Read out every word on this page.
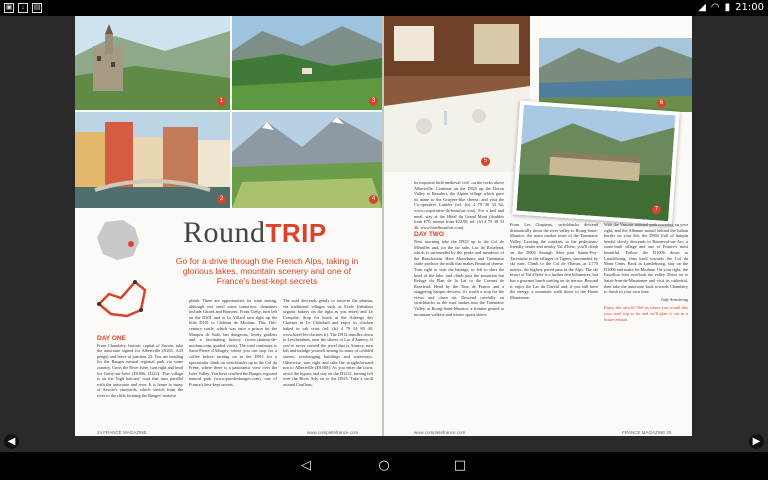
▣	↓	▤	◢ ◠ ▮ 21:00
1	3
2	4
RoundTRIP
Go for a drive through the French Alps, taking in glorious lakes, mountain scenery and one of France's best-kept secrets
DAY ONE
From Chambéry, historic capital of Savoie, take the autoroute signed for Albertville (N201, A43 péage) and leave at junction 23. You are heading for the Bauges natural regional park via some country. Cross the River Isère, turn right and head for Grésy-sur-Isère (D1006, D222). This village is on the 'high balcony' road that runs parallel with the autoroute and river. It is home to many of Savoie's vineyards, which stretch from the river to the cliffs forming the Bauges' massive
plinth. There are opportunities for wine tasting, although you need some tomorrow: domaines include Girard and Bouvent. From Grésy, turn left on the D201 and at Le Villard turn right up the little D101 to Château de Miolans. This 11th-century castle, which was once a prison for the Marquis de Sade, has dungeons, lovely gardens and a fascinating history (www.chateau-de-miolans.com, guided visits). The road continues to Saint-Pierre d'Albigny, where you can stop for a coffee before turning on to the D911 for a spectacular climb on switchbacks up to the Col du Frêne, where there is a panoramic view over the Isère Valley. You have reached the Bauges regional natural park (www.parcdesbauges.com), one of France's best-kept secrets.
The road descends gently to traverse the plateau, via traditional villages such as Ecole (fabulous organic bakery on the right as you enter) and Le Compôte. Stop for lunch at the Auberge des Clarines in Le Châtelard and enjoy its chicken baked in salt crust (tel: (fr) 4 79 54 80 40, www.hotel-les-clarines.fr). The D912 trundles down to Lescheraines, near the shores of Lac d'Annecy. If you've never cruised the jewel that is Annecy, turn left and indulge yourself among its maze of cobbled streets, overhanging buildings and waterways. Otherwise, turn right and take the straightforward run to Albertville (D1508). As you enter the town, avoid the bypass and stay on the D1212, turning left over the River Arly on to the D925. Take a stroll around Conflans,
24 FRANCE MAGAZINE	www.completefrance.com
5
6
EASY ITINERARY
7
its exquisite little medieval 'cité', on the rocks above Albertville. Continue on the D925 up the Doron Valley to Beaufort, the Alpine village which gave its name to the Gruyère-like cheese, and visit the Co-operative Laitière (tel: (fr) 4 79 38 33 62, www.cooperative-de-beaufort.com). For a bed and meal, stay at the Hôtel du Grand Mont (doubles from €70, menus from €22.90, tel: (fr) 4 79 38 33 36, www.hotelbeaufort.com).
DAY TWO
Next morning take the D925 up to the Col de Méraillet and, on the far side, Lac de Roselend, which is surrounded by the peaks and meadows of the Beaufortain. Here Abondance and Tarentaise cattle produce the milk that makes Beaufort cheese. Turn right to visit the barrage, or left to skirt the head of the lake, and climb past the mountain hut Refuge du Plan de la Lai to the Cormet de Roselend. Head by the Tour de France and a staggering hairpin descent, it's worth a stop for the views and clean air. Descend carefully on switchbacks as the road snakes into the Tarentaise Valley, at Bourg-Saint-Maurice, a frontier geared to mountain walkers and winter sports skiers.
From Les Chapieux, switchbacks descend dramatically down the river valley to Bourg-Saint-Maurice, the main market town of the Tarentaise Valley. Leaving the outskirts to the pedestrian-friendly centre and nearby Val d'Isère, you'll climb on the D902 through Séez past Sainte-Foy-Tarentaise to the villages of Tignes, surrounded by ski runs. Climb to the Col de l'Iseran, at 2,770 metres, the highest paved pass in the Alps. The ski resort of Val d'Isère is a further five kilometres, but has a gourmet lunch waiting on its terrace. Beyond it, enjoy the Lac du Chevril and, if you still have the energy, a mountain walk down to the Haute Maurienne.
With the Vanoise national park towering on your right, and the Albanne massif behind the Italian border on your left, the D902 (full of hairpin bends) slowly descends to Bonneval-sur-Arc, a stone-built village and one of France's most beautiful. Follow the D1006 down to Lanslebourg, then head towards the Col du Mont Cenis. Back in Lanslebourg, stay on the D1006 and make for Modane. On your right, the Esseillon forts overlook the valley. Drive on to Saint-Jean-de-Maurienne and visit its cathedral, then take the autoroute back towards Chambéry to finish in your own time.
Judy Armstrong
Enjoy this article? Tell us where you would like your road trip to be and we'll plan it out in a future edition.
www.completefrance.com	FRANCE MAGAZINE 25
◀	▶
◁	○	□
